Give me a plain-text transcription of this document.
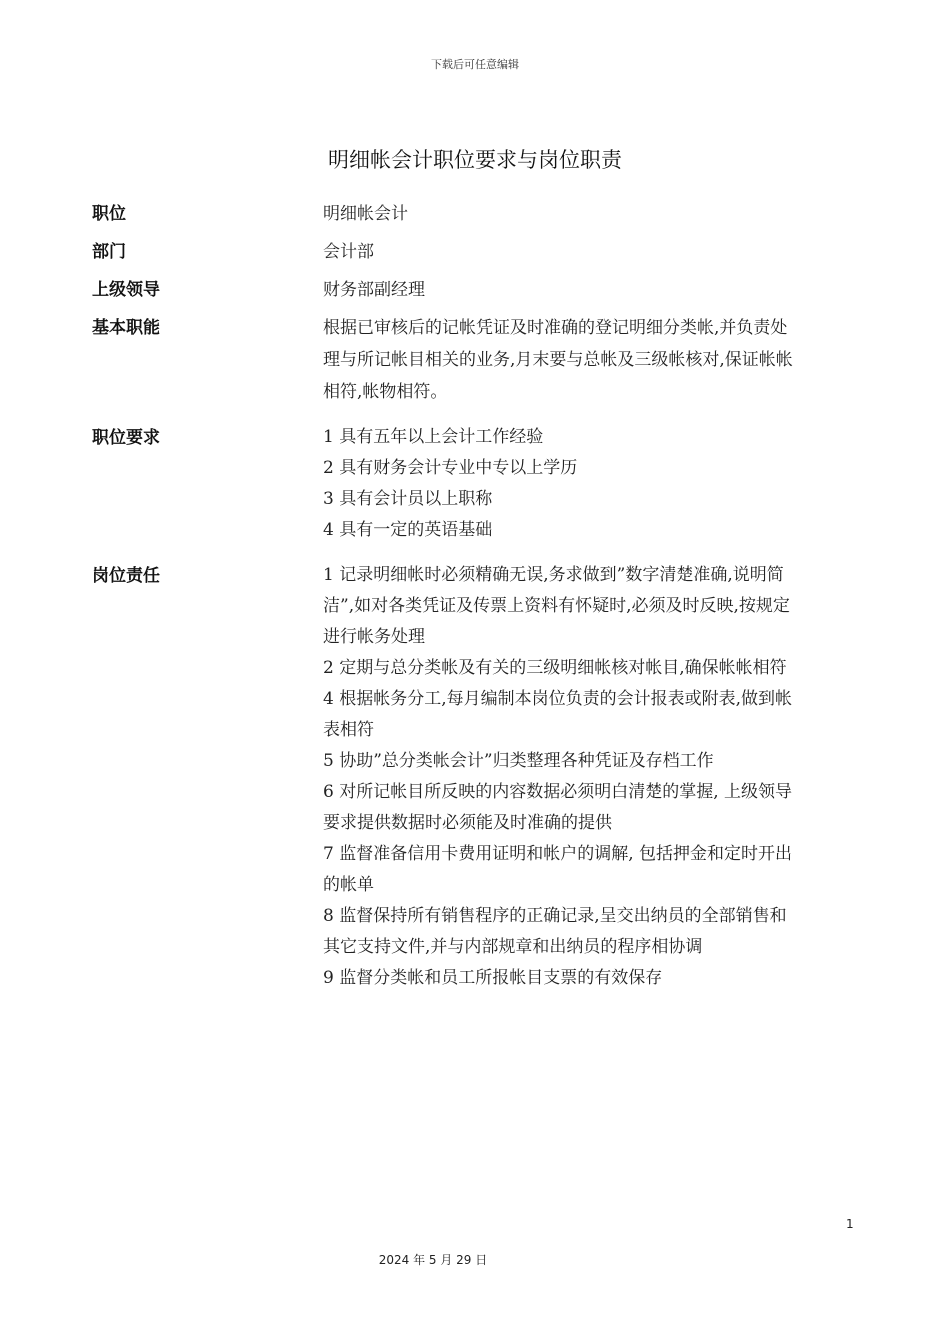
下载后可任意编辑
明细帐会计职位要求与岗位职责
职位	明细帐会计
部门	会计部
上级领导	财务部副经理
基本职能	根据已审核后的记帐凭证及时准确的登记明细分类帐,并负责处
理与所记帐目相关的业务,月末要与总帐及三级帐核对,保证帐帐
相符,帐物相符。
职位要求	1 具有五年以上会计工作经验
2 具有财务会计专业中专以上学历
3 具有会计员以上职称
4 具有一定的英语基础
岗位责任	1 记录明细帐时必须精确无误,务求做到”数字清楚准确,说明简
洁”,如对各类凭证及传票上资料有怀疑时,必须及时反映,按规定
进行帐务处理
2 定期与总分类帐及有关的三级明细帐核对帐目,确保帐帐相符
4 根据帐务分工,每月编制本岗位负责的会计报表或附表,做到帐
表相符
5 协助”总分类帐会计”归类整理各种凭证及存档工作
6 对所记帐目所反映的内容数据必须明白清楚的掌握, 上级领导
要求提供数据时必须能及时准确的提供
7 监督准备信用卡费用证明和帐户的调解, 包括押金和定时开出
的帐单
8 监督保持所有销售程序的正确记录,呈交出纳员的全部销售和
其它支持文件,并与内部规章和出纳员的程序相协调
9 监督分类帐和员工所报帐目支票的有效保存
1
2024 年 5 月 29 日
